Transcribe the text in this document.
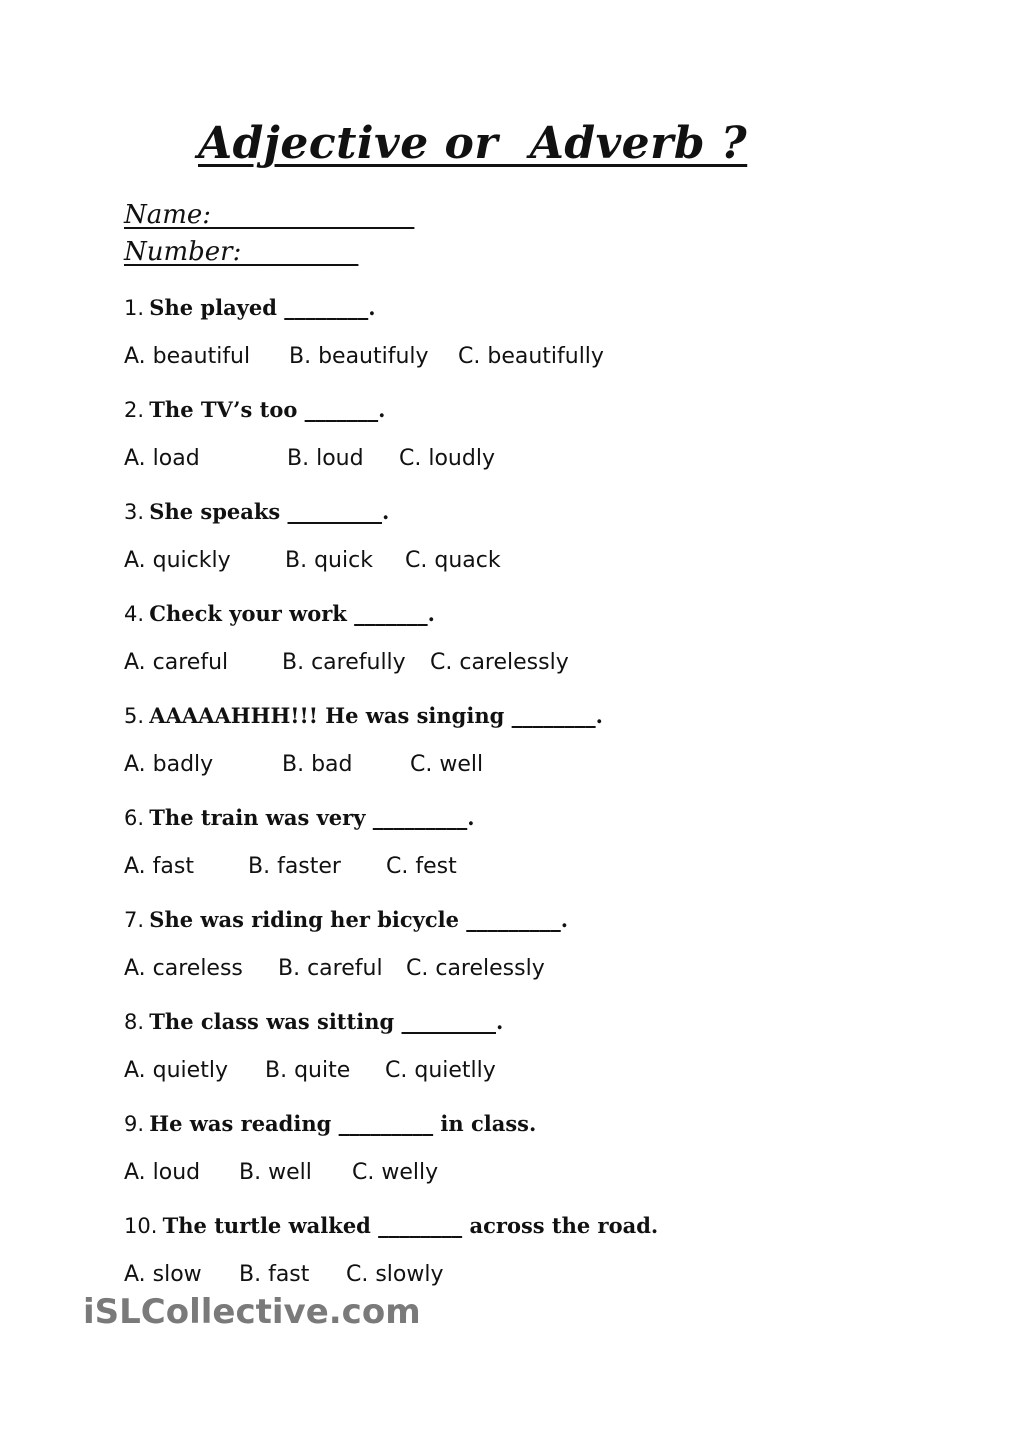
Adjective or  Adverb ?
Name: _______________
Number:_________
1. She played ________.
A. beautiful B. beautifuly C. beautifully
2. The TV’s too _______.
A. load	B. loud C. loudly
3. She speaks _________.
A. quickly B. quick C. quack
4. Check your work _______.
A. careful B. carefully C. carelessly
5. AAAAAHHH!!! He was singing ________.
A. badly	B. bad	C. well
6. The train was very _________.
A. fast B. faster C. fest
7. She was riding her bicycle _________.
A. careless B. careful C. carelessly
8. The class was sitting _________.
A. quietly B. quite C. quietlly
9. He was reading _________ in class.
A. loud B. well C. welly
10. The turtle walked ________ across the road.
A. slow B. fast C. slowly
iSLCollective.com
